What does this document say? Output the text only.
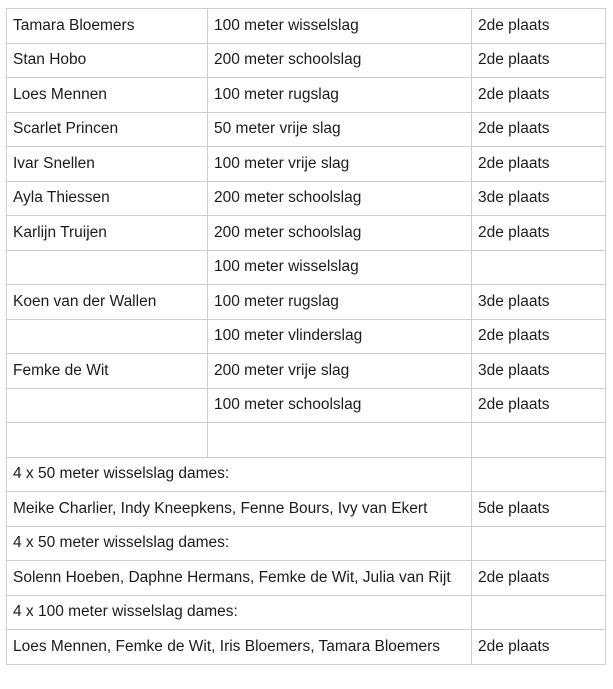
Tamara Bloemers	100 meter wisselslag	2de plaats
Stan Hobo	200 meter schoolslag	2de plaats
Loes Mennen	100 meter rugslag	2de plaats
Scarlet Princen	50 meter vrije slag	2de plaats
Ivar Snellen	100 meter vrije slag	2de plaats
Ayla Thiessen	200 meter schoolslag	3de plaats
Karlijn Truijen	200 meter schoolslag	2de plaats
	100 meter wisselslag	
Koen van der Wallen	100 meter rugslag	3de plaats
	100 meter vlinderslag	2de plaats
Femke de Wit	200 meter vrije slag	3de plaats
	100 meter schoolslag	2de plaats

4 x 50 meter wisselslag dames:		
Meike Charlier, Indy Kneepkens, Fenne Bours, Ivy van Ekert		5de plaats
4 x 50 meter wisselslag dames:		
Solenn Hoeben, Daphne Hermans, Femke de Wit, Julia van Rijt		2de plaats
4 x 100 meter wisselslag dames:		
Loes Mennen, Femke de Wit, Iris Bloemers, Tamara Bloemers		2de plaats
